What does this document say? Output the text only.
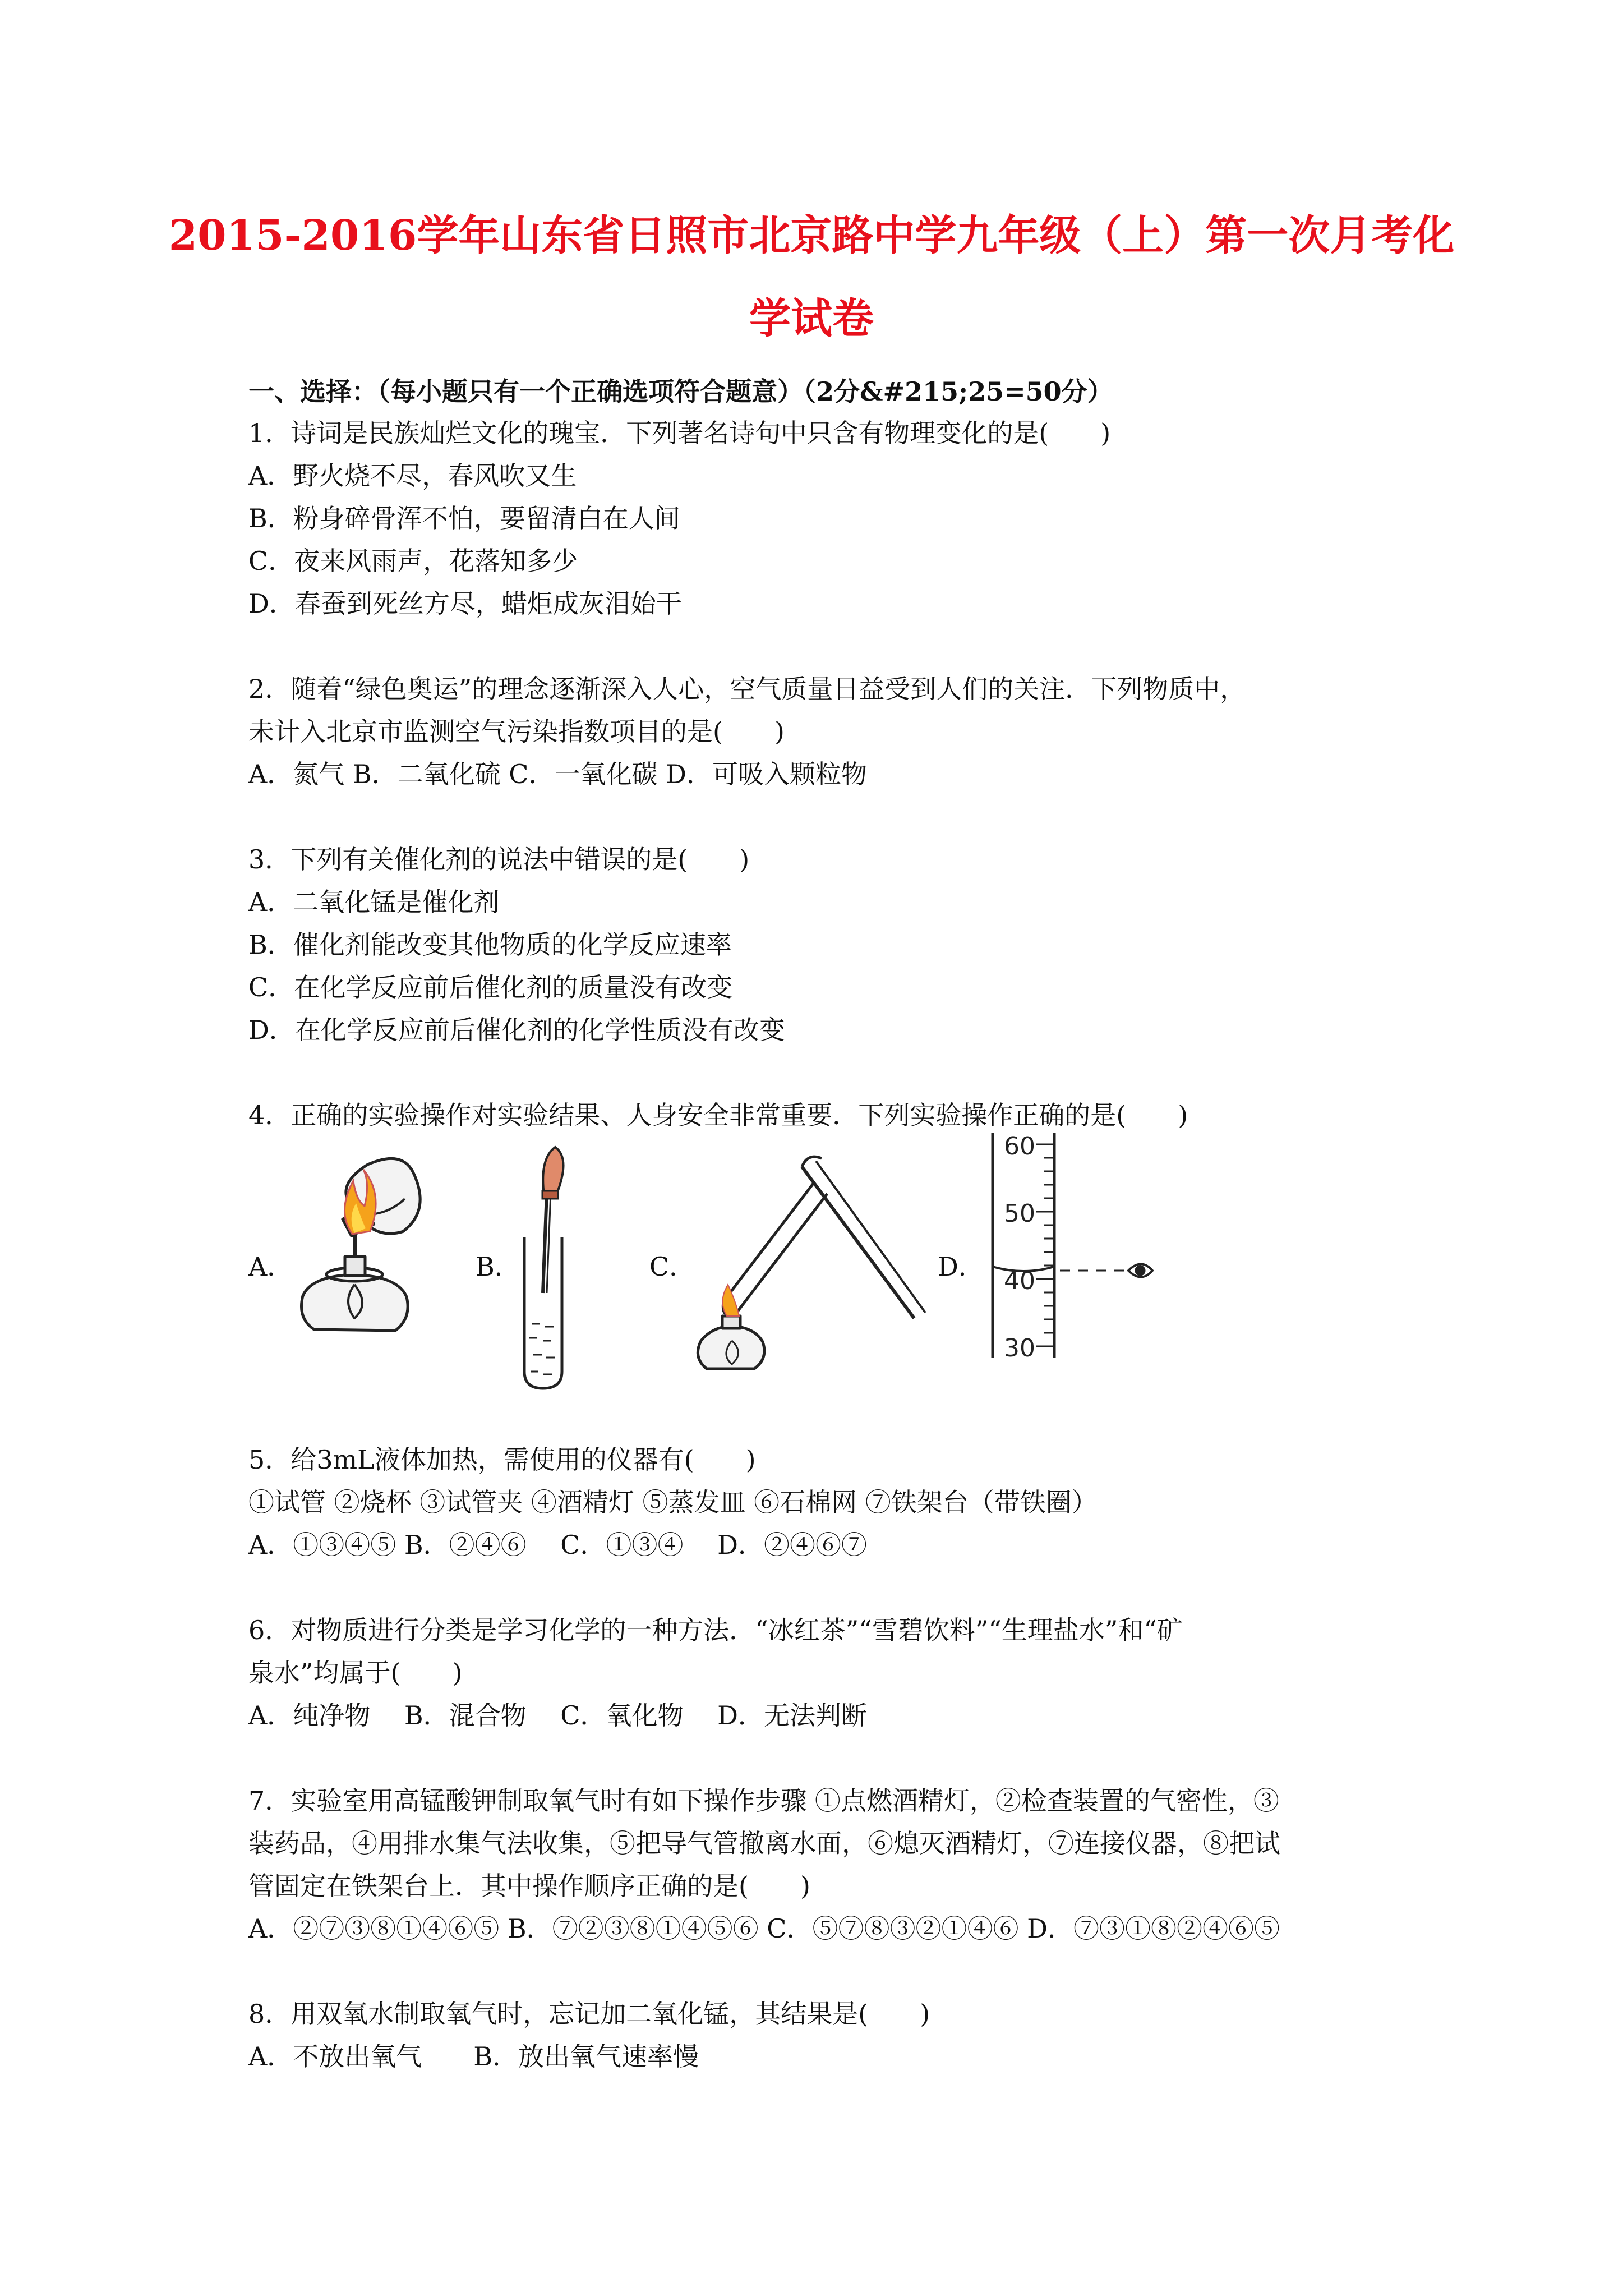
2015-2016学年山东省日照市北京路中学九年级（上）第一次月考化
学试卷
一、选择：（每小题只有一个正确选项符合题意）（2分&#215;25=50分）
1．诗词是民族灿烂文化的瑰宝．下列著名诗句中只含有物理变化的是(　　)
A．野火烧不尽，春风吹又生
B．粉身碎骨浑不怕，要留清白在人间
C．夜来风雨声，花落知多少
D．春蚕到死丝方尽，蜡炬成灰泪始干
2．随着“绿色奥运”的理念逐渐深入人心，空气质量日益受到人们的关注．下列物质中，
未计入北京市监测空气污染指数项目的是(　　)
A．氮气 B．二氧化硫 C．一氧化碳 D．可吸入颗粒物
3．下列有关催化剂的说法中错误的是(　　)
A．二氧化锰是催化剂
B．催化剂能改变其他物质的化学反应速率
C．在化学反应前后催化剂的质量没有改变
D．在化学反应前后催化剂的化学性质没有改变
4．正确的实验操作对实验结果、人身安全非常重要．下列实验操作正确的是(　　)
A．	B．	C．	D．
60
50
40
30
5．给3mL液体加热，需使用的仪器有(　　)
①试管 ②烧杯 ③试管夹 ④酒精灯 ⑤蒸发皿 ⑥石棉网 ⑦铁架台（带铁圈）
A．①③④⑤ B．②④⑥　 C．①③④　 D．②④⑥⑦
6．对物质进行分类是学习化学的一种方法．“冰红茶”“雪碧饮料”“生理盐水”和“矿
泉水”均属于(　　)
A．纯净物　 B．混合物　 C．氧化物　 D．无法判断
7．实验室用高锰酸钾制取氧气时有如下操作步骤 ①点燃酒精灯，②检查装置的气密性，③
装药品，④用排水集气法收集，⑤把导气管撤离水面，⑥熄灭酒精灯，⑦连接仪器，⑧把试
管固定在铁架台上．其中操作顺序正确的是(　　)
A．②⑦③⑧①④⑥⑤ B．⑦②③⑧①④⑤⑥ C．⑤⑦⑧③②①④⑥ D．⑦③①⑧②④⑥⑤
8．用双氧水制取氧气时，忘记加二氧化锰，其结果是(　　)
A．不放出氧气　　B．放出氧气速率慢
